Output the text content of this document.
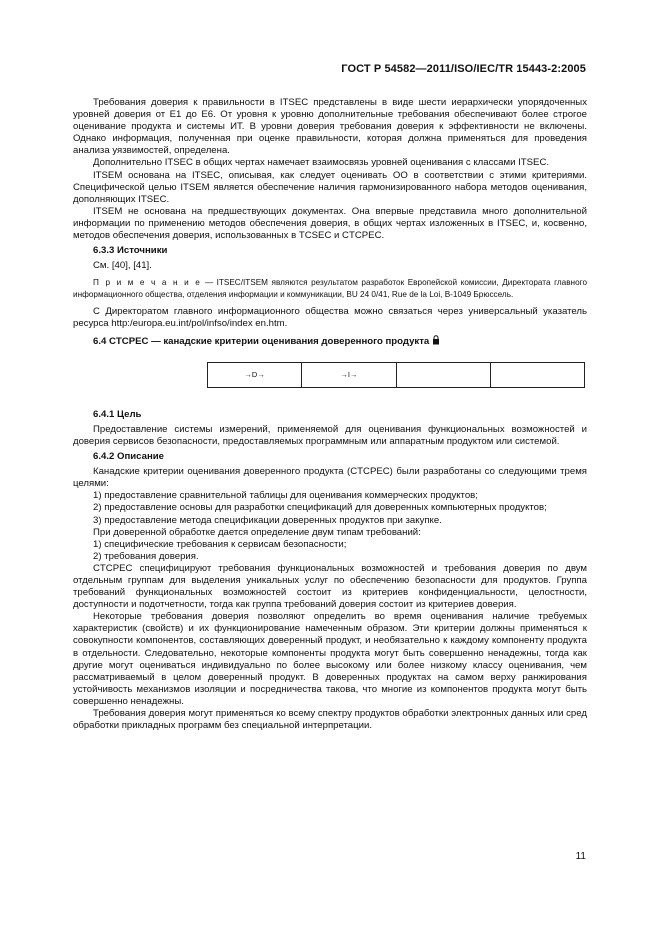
ГОСТ Р 54582—2011/ISO/IEC/TR 15443-2:2005

Требования доверия к правильности в ITSEC представлены в виде шести иерархически упорядоченных уровней доверия от E1 до E6. От уровня к уровню дополнительные требования обеспечивают более строгое оценивание продукта и системы ИТ. В уровни доверия требования доверия к эффективности не включены. Однако информация, полученная при оценке правильности, которая должна применяться для проведения анализа уязвимостей, определена.

Дополнительно ITSEC в общих чертах намечает взаимосвязь уровней оценивания с классами ITSEC.

ITSEM основана на ITSEC, описывая, как следует оценивать ОО в соответствии с этими критериями. Специфической целью ITSEM является обеспечение наличия гармонизированного набора методов оценивания, дополняющих ITSEC.

ITSEM не основана на предшествующих документах. Она впервые представила много дополнительной информации по применению методов обеспечения доверия, в общих чертах изложенных в ITSEC, и, косвенно, методов обеспечения доверия, использованных в TCSEC и CTCPEC.

6.3.3 Источники

См. [40], [41].

П р и м е ч а н и е — ITSEC/ITSEM являются результатом разработок Европейской комиссии, Директората главного информационного общества, отделения информации и коммуникации, BU 24 0/41, Rue de la Loi, B-1049 Брюссель.

С Директоратом главного информационного общества можно связаться через универсальный указатель ресурса http:/europa.eu.int/pol/infso/index en.htm.

6.4 CTCPEC — канадские критерии оценивания доверенного продукта
→D→	→I→
6.4.1 Цель

Предоставление системы измерений, применяемой для оценивания функциональных возможностей и доверия сервисов безопасности, предоставляемых программным или аппаратным продуктом или системой.

6.4.2 Описание

Канадские критерии оценивания доверенного продукта (CTCPEC) были разработаны со следующими тремя целями:

1) предоставление сравнительной таблицы для оценивания коммерческих продуктов;

2) предоставление основы для разработки спецификаций для доверенных компьютерных продуктов;

3) предоставление метода спецификации доверенных продуктов при закупке.

При доверенной обработке дается определение двум типам требований:

1) специфические требования к сервисам безопасности;

2) требования доверия.

CTCPEC специфицируют требования функциональных возможностей и требования доверия по двум отдельным группам для выделения уникальных услуг по обеспечению безопасности для продуктов. Группа требований функциональных возможностей состоит из критериев конфиденциальности, целостности, доступности и подотчетности, тогда как группа требований доверия состоит из критериев доверия.

Некоторые требования доверия позволяют определить во время оценивания наличие требуемых характеристик (свойств) и их функционирование намеченным образом. Эти критерии должны применяться к совокупности компонентов, составляющих доверенный продукт, и необязательно к каждому компоненту продукта в отдельности. Следовательно, некоторые компоненты продукта могут быть совершенно ненадежны, тогда как другие могут оцениваться индивидуально по более высокому или более низкому классу оценивания, чем рассматриваемый в целом доверенный продукт. В доверенных продуктах на самом верху ранжирования устойчивость механизмов изоляции и посредничества такова, что многие из компонентов продукта могут быть совершенно ненадежны.

Требования доверия могут применяться ко всему спектру продуктов обработки электронных данных или сред обработки прикладных программ без специальной интерпретации.

11
